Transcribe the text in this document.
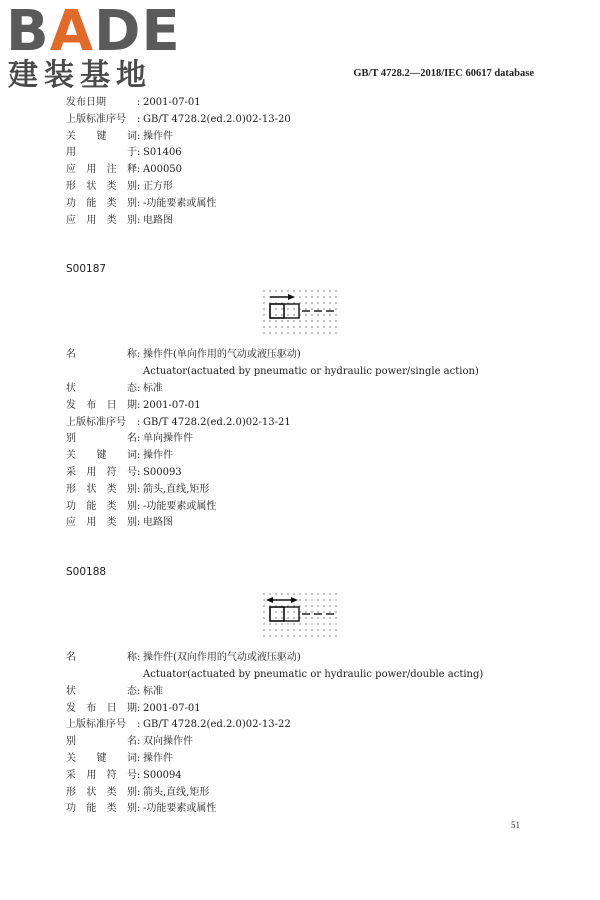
BADE
建装基地	GB/T 4728.2—2018/IEC 60617 database
发布日期	: 2001-07-01
上版标准序号	: GB/T 4728.2(ed.2.0)02-13-20
关 键 词 : 操作件
用	于 : S01406
应 用 注 释 : A00050
形 状 类 别 : 正方形
功 能 类 别 : -功能要素或属性
应 用 类 别 : 电路图
S00187
名	称 : 操作件(单向作用的气动或液压驱动)
Actuator(actuated by pneumatic or hydraulic power/single action)
状	态 : 标准
发 布 日 期 : 2001-07-01
上版标准序号	: GB/T 4728.2(ed.2.0)02-13-21
别	名 : 单向操作件
关 键 词 : 操作件
采 用 符 号 : S00093
形 状 类 别 : 箭头,直线,矩形
功 能 类 别 : -功能要素或属性
应 用 类 别 : 电路图
S00188
名	称 : 操作件(双向作用的气动或液压驱动)
Actuator(actuated by pneumatic or hydraulic power/double acting)
状	态 : 标准
发 布 日 期 : 2001-07-01
上版标准序号	: GB/T 4728.2(ed.2.0)02-13-22
别	名 : 双向操作件
关 键 词 : 操作件
采 用 符 号 : S00094
形 状 类 别 : 箭头,直线,矩形
功 能 类 别 : -功能要素或属性
51
